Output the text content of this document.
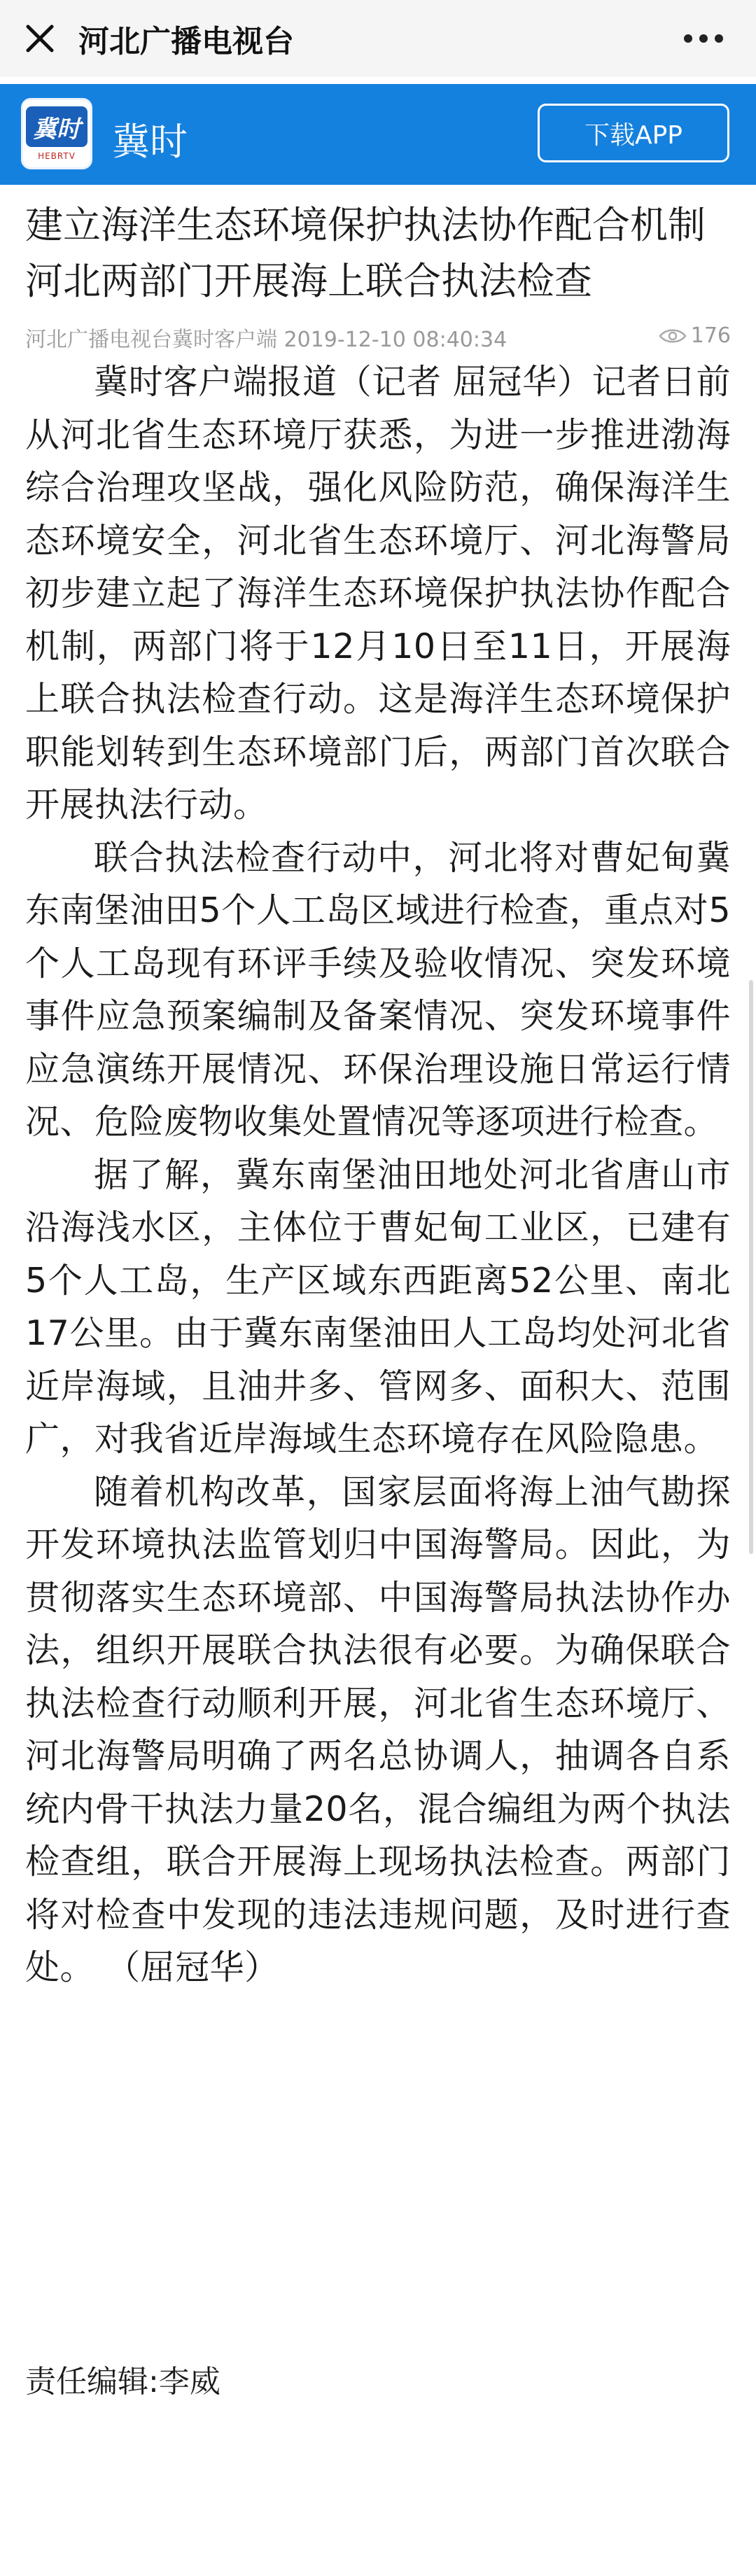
河北广播电视台
冀时
HEBRTV 冀时	下载APP
建立海洋生态环境保护执法协作配合机制河北两部门开展海上联合执法检查
河北广播电视台冀时客户端 2019-12-10 08:40:34	176

冀时客户端报道（记者 屈冠华）记者日前从河北省生态环境厅获悉，为进一步推进渤海综合治理攻坚战，强化风险防范，确保海洋生态环境安全，河北省生态环境厅、河北海警局初步建立起了海洋生态环境保护执法协作配合机制，两部门将于12月10日至11日，开展海上联合执法检查行动。这是海洋生态环境保护职能划转到生态环境部门后，两部门首次联合开展执法行动。

联合执法检查行动中，河北将对曹妃甸冀东南堡油田5个人工岛区域进行检查，重点对5个人工岛现有环评手续及验收情况、突发环境事件应急预案编制及备案情况、突发环境事件应急演练开展情况、环保治理设施日常运行情况、危险废物收集处置情况等逐项进行检查。

据了解，冀东南堡油田地处河北省唐山市沿海浅水区，主体位于曹妃甸工业区，已建有5个人工岛，生产区域东西距离52公里、南北17公里。由于冀东南堡油田人工岛均处河北省近岸海域，且油井多、管网多、面积大、范围广，对我省近岸海域生态环境存在风险隐患。

随着机构改革，国家层面将海上油气勘探开发环境执法监管划归中国海警局。因此，为贯彻落实生态环境部、中国海警局执法协作办法，组织开展联合执法很有必要。为确保联合执法检查行动顺利开展，河北省生态环境厅、河北海警局明确了两名总协调人，抽调各自系统内骨干执法力量20名，混合编组为两个执法检查组，联合开展海上现场执法检查。两部门将对检查中发现的违法违规问题，及时进行查处。 （屈冠华）

责任编辑:李威
